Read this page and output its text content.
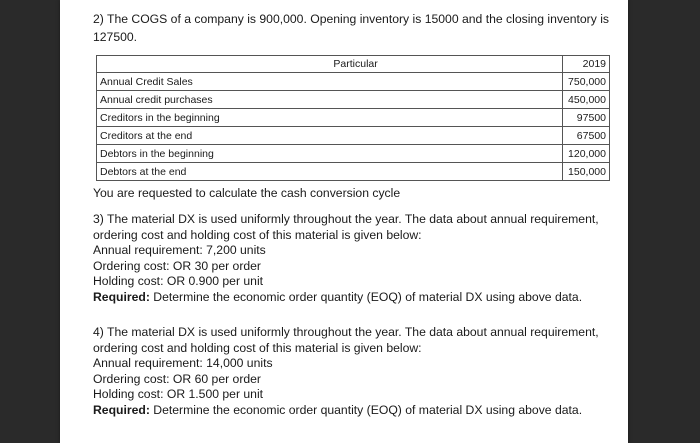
2) The COGS of a company is 900,000. Opening inventory is 15000 and the closing inventory is 127500.
	Particular	2019
Annual Credit Sales		750,000
Annual credit purchases		450,000
Creditors in the beginning		97500
Creditors at the end		67500
Debtors in the beginning		120,000
Debtors at the end		150,000
You are requested to calculate the cash conversion cycle
3) The material DX is used uniformly throughout the year. The data about annual requirement, ordering cost and holding cost of this material is given below:
Annual requirement: 7,200 units
Ordering cost: OR 30 per order
Holding cost: OR 0.900 per unit
Required: Determine the economic order quantity (EOQ) of material DX using above data.
4) The material DX is used uniformly throughout the year. The data about annual requirement, ordering cost and holding cost of this material is given below:
Annual requirement: 14,000 units
Ordering cost: OR 60 per order
Holding cost: OR 1.500 per unit
Required: Determine the economic order quantity (EOQ) of material DX using above data.
